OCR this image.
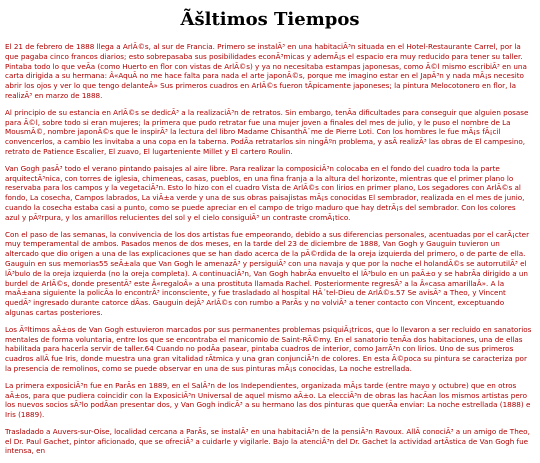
Ãšltimos Tiempos

El 21 de febrero de 1888 llega a ArlÃ©s, al sur de Francia. Primero se instalÃ³ en una habitaciÃ³n situada en el Hotel-Restaurante Carrel, por la que pagaba cinco francos diarios; esto sobrepasaba sus posibilidades econÃ³micas y ademÃ¡s el espacio era muy reducido para tener su taller. Pintaba todo lo que veÃa (como Huerto en flor con vistas de ArlÃ©s) y ya no necesitaba estampas japonesas, como Ã©l mismo escribiÃ³ en una carta dirigida a su hermana: Â«AquÃ no me hace falta para nada el arte japonÃ©s, porque me imagino estar en el JapÃ³n y nada mÃ¡s necesito abrir los ojos y ver lo que tengo delanteÂ» Sus primeros cuadros en ArlÃ©s fueron tÃpicamente japoneses; la pintura Melocotonero en flor, la realizÃ³ en marzo de 1888.

Al principio de su estancia en ArlÃ©s se dedicÃ³ a la realizaciÃ³n de retratos. Sin embargo, tenÃa dificultades para conseguir que alguien posase para Ã©l, sobre todo si eran mujeres; la primera que pudo retratar fue una mujer joven a finales del mes de julio, y le puso el nombre de La MousmÃ©, nombre japonÃ©s que le inspirÃ³ la lectura del libro Madame ChisanthÃ¨me de Pierre Loti. Con los hombres le fue mÃ¡s fÃ¡cil convencerlos, a cambio les invitaba a una copa en la taberna. PodÃa retratarlos sin ningÃºn problema, y asÃ realizÃ³ las obras de El campesino, retrato de Patience Escalier, El zuavo, El lugarteniente Millet y El cartero Roulin.

Van Gogh pasÃ³ todo el verano pintando paisajes al aire libre. Para realizar la composiciÃ³n colocaba en el fondo del cuadro toda la parte arquitectÃ³nica, con torres de iglesia, chimeneas, casas, pueblos, en una fina franja a la altura del horizonte, mientras que el primer plano lo reservaba para los campos y la vegetaciÃ³n. Esto lo hizo con el cuadro Vista de ArlÃ©s con lirios en primer plano, Los segadores con ArlÃ©s al fondo, La cosecha, Campos labrados, La viÃ±a verde y una de sus obras paisajistas mÃ¡s conocidas El sembrador, realizada en el mes de junio, cuando la cosecha estaba casi a punto, como se puede apreciar en el campo de trigo maduro que hay detrÃ¡s del sembrador. Con los colores azul y pÃºrpura, y los amarillos relucientes del sol y el cielo consiguiÃ³ un contraste cromÃ¡tico.

Con el paso de las semanas, la convivencia de los dos artistas fue empeorando, debido a sus diferencias personales, acentuadas por el carÃ¡cter muy temperamental de ambos. Pasados menos de dos meses, en la tarde del 23 de diciembre de 1888, Van Gogh y Gauguin tuvieron un altercado que dio origen a una de las explicaciones que se han dado acerca de la pÃ©rdida de la oreja izquierda del primero, o de parte de ella. Gauguin en sus memorias55 seÃ±ala que Van Gogh le amenazÃ³ y persiguiÃ³ con una navaja y que por la noche el holandÃ©s se autorrutilÃ³ el lÃ³bulo de la oreja izquierda (no la oreja completa). A continuaciÃ³n, Van Gogh habrÃa envuelto el lÃ³bulo en un paÃ±o y se habrÃa dirigido a un burdel de ArlÃ©s, donde presentÃ³ este Â«regaloÂ» a una prostituta llamada Rachel. Posteriormente regresÃ³ a la Â«casa amarillaÂ». A la maÃ±ana siguiente la policÃa lo encontrÃ³ inconsciente, y fue trasladado al hospital HÃ´tel-Dieu de ArlÃ©s.57 Se avisÃ³ a Theo, y Vincent quedÃ³ ingresado durante catorce dÃas. Gauguin dejÃ³ ArlÃ©s con rumbo a ParÃs y no volviÃ³ a tener contacto con Vincent, exceptuando algunas cartas posteriores.

Los Ãºltimos aÃ±os de Van Gogh estuvieron marcados por sus permanentes problemas psiquiÃ¡tricos, que lo llevaron a ser recluido en sanatorios mentales de forma voluntaria, entre los que se encontraba el manicomio de Saint-RÃ©my. En el sanatorio tenÃa dos habitaciones, una de ellas habilitada para hacerla servir de taller.64 Cuando no podÃa pasear, pintaba cuadros de interior, como JarrÃ³n con lirios. Uno de sus primeros cuadros allÃ fue Iris, donde muestra una gran vitalidad rÃtmica y una gran conjunciÃ³n de colores. En esta Ã©poca su pintura se caracteriza por la presencia de remolinos, como se puede observar en una de sus pinturas mÃ¡s conocidas, La noche estrellada.

La primera exposiciÃ³n fue en ParÃs en 1889, en el SalÃ³n de los Independientes, organizada mÃ¡s tarde (entre mayo y octubre) que en otros aÃ±os, para que pudiera coincidir con la ExposiciÃ³n Universal de aquel mismo aÃ±o. La elecciÃ³n de obras las hacÃan los mismos artistas pero los nuevos socios sÃ³lo podÃan presentar dos, y Van Gogh indicÃ³ a su hermano las dos pinturas que querÃa enviar: La noche estrellada (1888) e Iris (1889).

Trasladado a Auvers-sur-Oise, localidad cercana a ParÃs, se instalÃ³ en una habitaciÃ³n de la pensiÃ³n Ravoux. AllÃ conociÃ³ a un amigo de Theo, el Dr. Paul Gachet, pintor aficionado, que se ofreciÃ³ a cuidarle y vigilarle. Bajo la atenciÃ³n del Dr. Gachet la actividad artÃstica de Van Gogh fue intensa, en
